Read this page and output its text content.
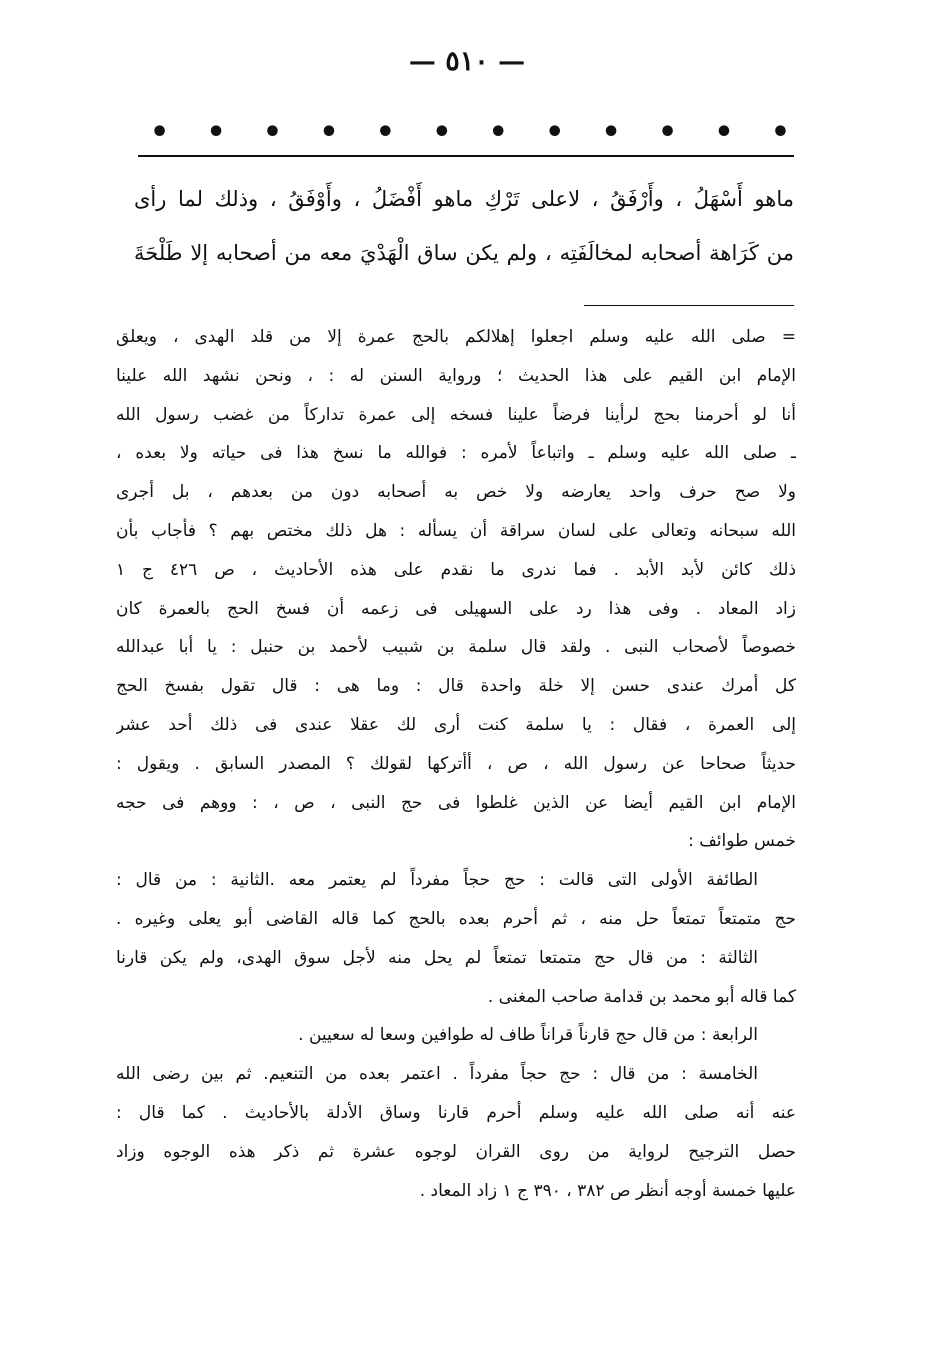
— ٥١٠ —
• • • • • • • • • • • •
ماهو أَسْهَلُ ، وأَرْفَقُ ، لاعلى تَرْكِ ماهو أَفْضَلُ ، وأَوْفَقُ ، وذلك لما رأى
من كَرَاهة أصحابه لمخالَفَتِه ، ولم يكن ساق الْهَدْيَ معه من أصحابه إلا طَلْحَةَ
= صلى الله عليه وسلم اجعلوا إهلالكم بالحج عمرة إلا من قلد الهدى ، ويعلق
الإمام ابن القيم على هذا الحديث ؛ ورواية السنن له : ، ونحن نشهد الله علينا
أنا لو أحرمنا بحج لرأينا فرضاً علينا فسخه إلى عمرة تداركاً من غضب رسول الله
ـ صلى الله عليه وسلم ـ واتباعاً لأمره : فوالله ما نسخ هذا فى حياته ولا بعده ،
ولا صح حرف واحد يعارضه ولا خص به أصحابه دون من بعدهم ، بل أجرى
الله سبحانه وتعالى على لسان سراقة أن يسأله : هل ذلك مختص بهم ؟ فأجاب بأن
ذلك كائن لأبد الأبد . فما ندرى ما نقدم على هذه الأحاديث ، ص ٤٢٦ ج ١
زاد المعاد . وفى هذا رد على السهيلى فى زعمه أن فسخ الحج بالعمرة كان
خصوصاً لأصحاب النبى . ولقد قال سلمة بن شبيب لأحمد بن حنبل : يا أبا عبدالله
كل أمرك عندى حسن إلا خلة واحدة قال : وما هى : قال تقول بفسخ الحج
إلى العمرة ، فقال : يا سلمة كنت أرى لك عقلا عندى فى ذلك أحد عشر
حديثاً صحاحا عن رسول الله ، ص ، أأتركها لقولك ؟ المصدر السابق . ويقول :
الإمام ابن القيم أيضا عن الذين غلطوا فى حج النبى ، ص ، : ووهم فى حجه
خمس طوائف :
الطائفة الأولى التى قالت : حج حجاً مفرداً لم يعتمر معه .الثانية : من قال :
حج متمتعاً تمتعاً حل منه ، ثم أحرم بعده بالحج كما قاله القاضى أبو يعلى وغيره .
الثالثة : من قال حج متمتعا تمتعاً لم يحل منه لأجل سوق الهدى، ولم يكن قارنا
كما قاله أبو محمد بن قدامة صاحب المغنى .
الرابعة : من قال حج قارناً قراناً طاف له طوافين وسعا له سعيين .
الخامسة : من قال : حج حجاً مفرداً . اعتمر بعده من التنعيم. ثم بين رضى الله
عنه أنه صلى الله عليه وسلم أحرم قارنا وساق الأدلة بالأحاديث . كما قال :
حصل الترجيح لرواية من روى القران لوجوه عشرة ثم ذكر هذه الوجوه وزاد
عليها خمسة أوجه أنظر ص ٣٨٢ ، ٣٩٠ ج ١ زاد المعاد .
